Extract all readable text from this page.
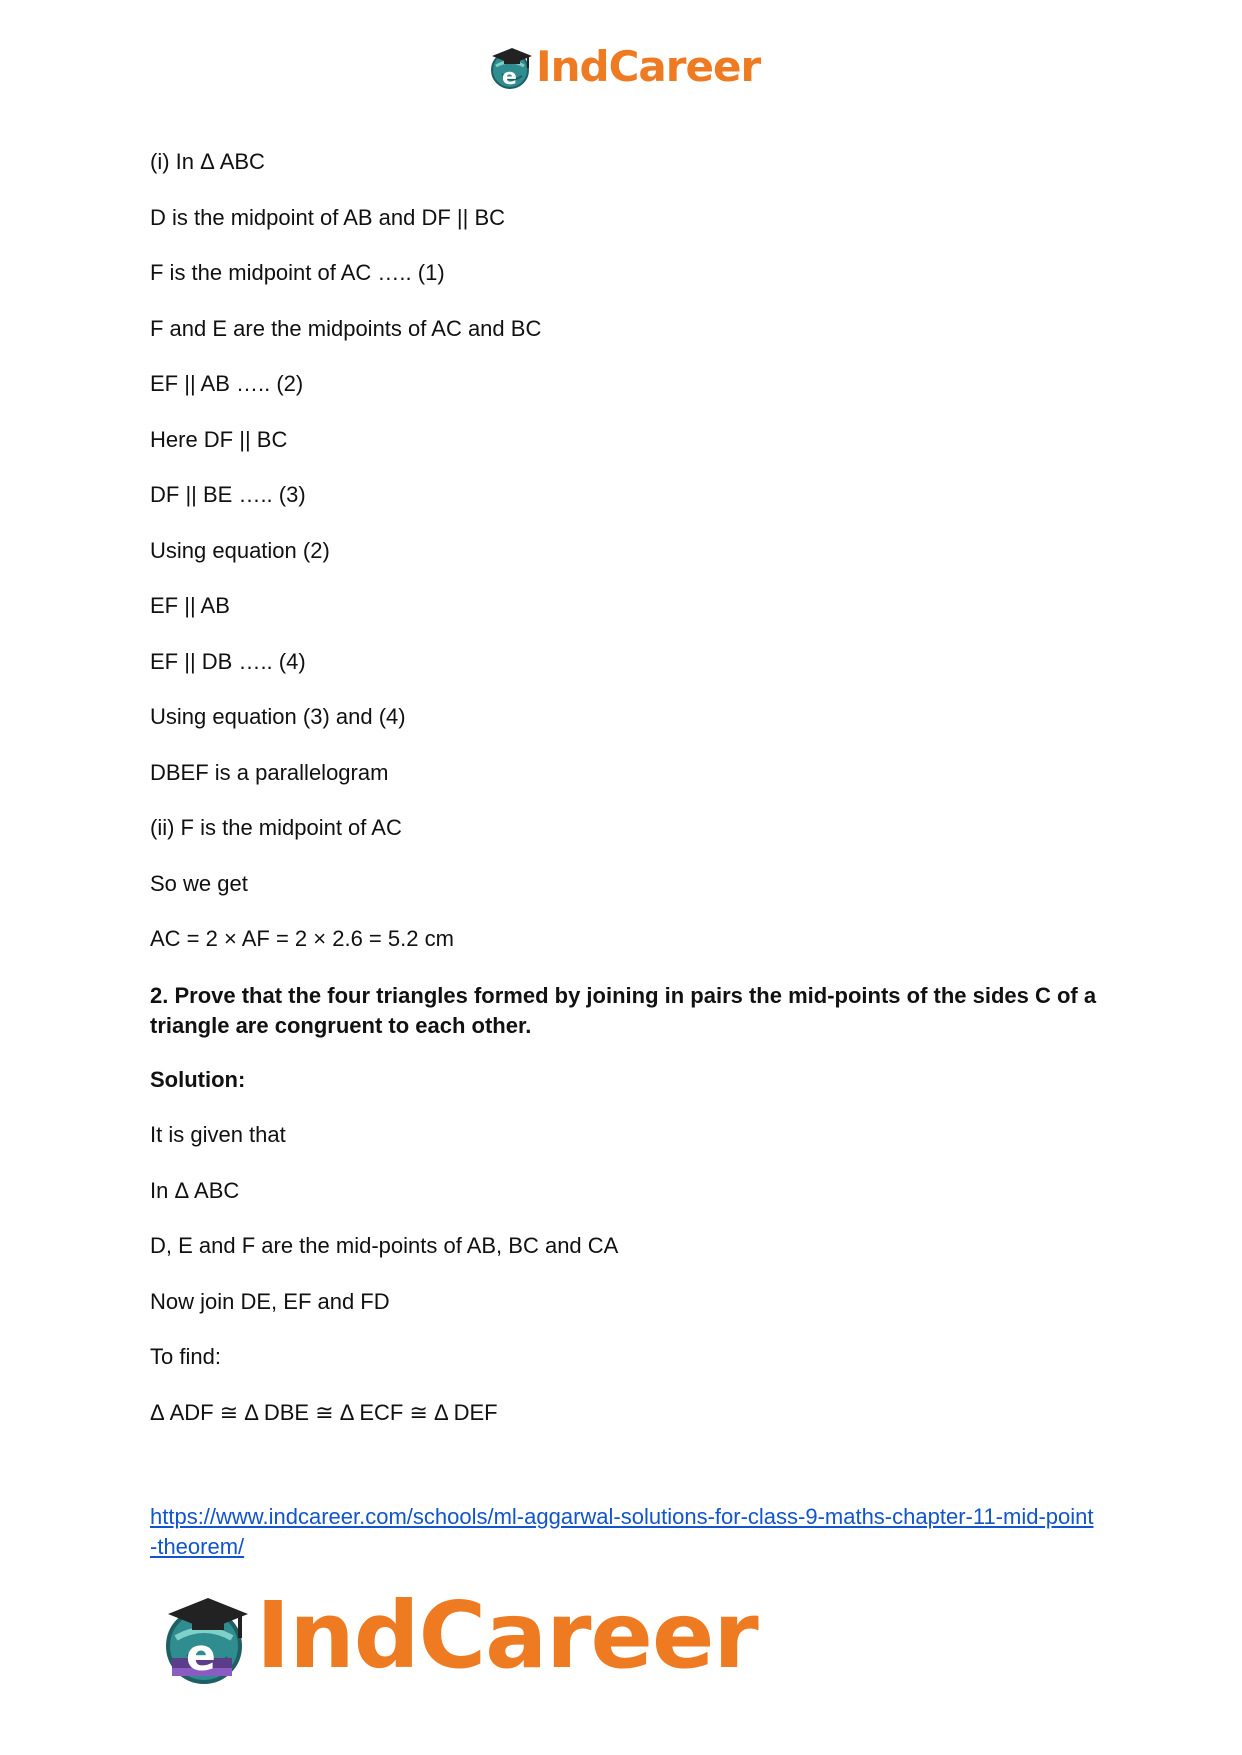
e IndCareer
(i) In Δ ABC
D is the midpoint of AB and DF || BC
F is the midpoint of AC ….. (1)
F and E are the midpoints of AC and BC
EF || AB ….. (2)
Here DF || BC
DF || BE ….. (3)
Using equation (2)
EF || AB
EF || DB ….. (4)
Using equation (3) and (4)
DBEF is a parallelogram
(ii) F is the midpoint of AC
So we get
AC = 2 × AF = 2 × 2.6 = 5.2 cm
2. Prove that the four triangles formed by joining in pairs the mid-points of the sides C of a triangle are congruent to each other.
Solution:
It is given that
In Δ ABC
D, E and F are the mid-points of AB, BC and CA
Now join DE, EF and FD
To find:
Δ ADF ≅ Δ DBE ≅ Δ ECF ≅ Δ DEF
https://www.indcareer.com/schools/ml-aggarwal-solutions-for-class-9-maths-chapter-11-mid-point-theorem/
e IndCareer
